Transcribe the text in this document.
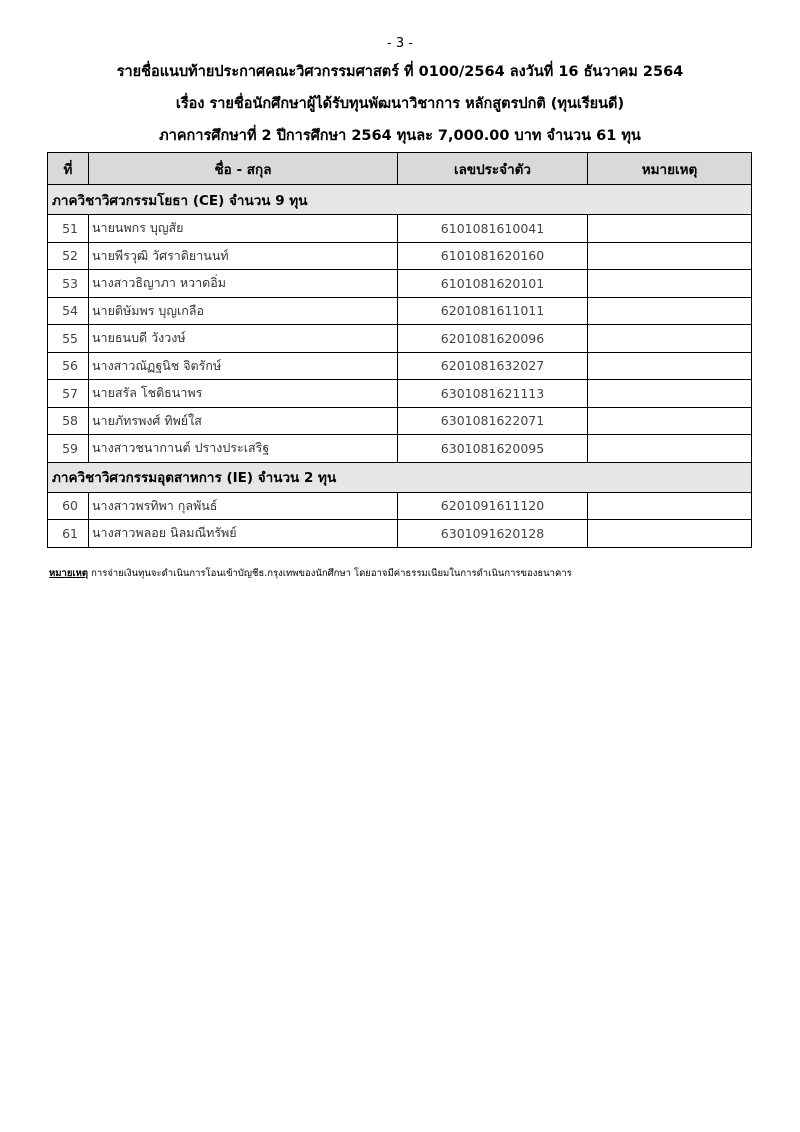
- 3 -
รายชื่อแนบท้ายประกาศคณะวิศวกรรมศาสตร์ ที่ 0100/2564 ลงวันที่ 16 ธันวาคม 2564
เรื่อง รายชื่อนักศึกษาผู้ได้รับทุนพัฒนาวิชาการ หลักสูตรปกติ (ทุนเรียนดี)
ภาคการศึกษาที่ 2 ปีการศึกษา 2564 ทุนละ 7,000.00 บาท จำนวน 61 ทุน
ที่	ชื่อ - สกุล	เลขประจำตัว	หมายเหตุ
ภาควิชาวิศวกรรมโยธา (CE) จำนวน 9 ทุน			
51	นายนพกร บุญสัย	6101081610041	
52	นายพีรวุฒิ วัศราดิยานนท์	6101081620160	
53	นางสาวธิญาภา หวาดอิ่ม	6101081620101	
54	นายติษัมพร บุญเกลือ	6201081611011	
55	นายธนบดี วังวงษ์	6201081620096	
56	นางสาวณัฏฐนิช จิตรักษ์	6201081632027	
57	นายสรัล โชติธนาพร	6301081621113	
58	นายภัทรพงศ์ ทิพย์ใส	6301081622071	
59	นางสาวชนากานต์ ปรางประเสริฐ	6301081620095	
ภาควิชาวิศวกรรมอุตสาหการ (IE) จำนวน 2 ทุน			
60	นางสาวพรทิพา กุลพันธ์	6201091611120	
61	นางสาวพลอย นิลมณีทรัพย์	6301091620128	
หมายเหตุ การจ่ายเงินทุนจะดำเนินการโอนเข้าบัญชีธ.กรุงเทพของนักศึกษา โดยอาจมีค่าธรรมเนียมในการดำเนินการของธนาคาร
